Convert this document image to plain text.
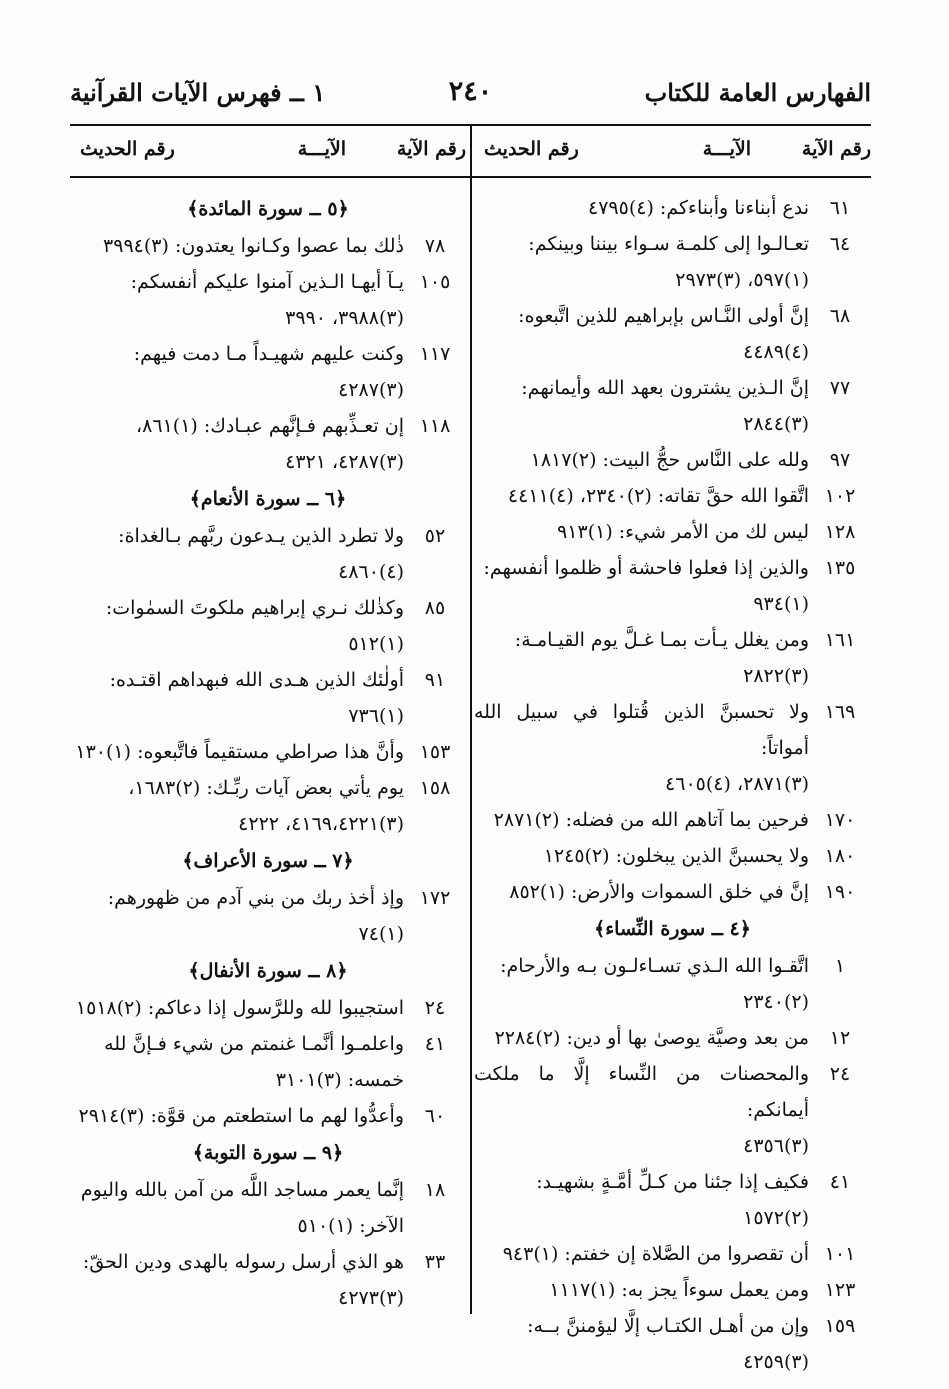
الفهارس العامة للكتاب
٢٤٠
١ ــ فهرس الآيات القرآنية
رقم الآية
الآيـــة
رقم الحديث
٦١
ندع أبناءنا وأبناءكم: (٤)٤٧٩٥
٦٤
تعـالـوا إلى كلمـة سـواء بيننا وبينكم:
(١)٥٩٧، (٣)٢٩٧٣
٦٨
إنَّ أولى النَّـاس بإبراهيم للذين اتَّبعوه:
(٤)٤٤٨٩
٧٧
إنَّ الـذين يشترون بعهد الله وأيمانهم:
(٣)٢٨٤٤
٩٧
ولله على النَّاس حجُّ البيت: (٢)١٨١٧
١٠٢
اتَّقوا الله حقَّ تقاته: (٢)٢٣٤٠، (٤)٤٤١١
١٢٨
ليس لك من الأمر شيء: (١)٩١٣
١٣٥
والذين إذا فعلوا فاحشة أو ظلموا أنفسهم:
(١)٩٣٤
١٦١
ومن يغلل يـأت بمـا غـلَّ يوم القيـامـة:
(٣)٢٨٢٢
١٦٩
ولا تحسبنَّ الذين قُتلوا في سبيل الله أمواتاً:
(٣)٢٨٧١، (٤)٤٦٠٥
١٧٠
فرحين بما آتاهم الله من فضله: (٢)٢٨٧١
١٨٠
ولا يحسبنَّ الذين يبخلون: (٢)١٢٤٥
١٩٠
إنَّ في خلق السموات والأرض: (١)٨٥٢
﴿٤ ــ سورة النِّساء﴾
١
اتَّقـوا الله الـذي تسـاءلـون بـه والأرحام:
(٢)٢٣٤٠
١٢
من بعد وصيَّة يوصىٰ بها أو دين: (٢)٢٢٨٤
٢٤
والمحصنات من النِّساء إلَّا ما ملكت أيمانكم:
(٣)٤٣٥٦
٤١
فكيف إذا جئنا من كـلِّ أمَّـةٍ بشهيـد:
(٢)١٥٧٢
١٠١
أن تقصروا من الصَّلاة إن خفتم: (١)٩٤٣
١٢٣
ومن يعمل سوءاً يجز به: (١)١١١٧
١٥٩
وإن من أهـل الكتـاب إلَّا ليؤمننَّ بــه:
(٣)٤٢٥٩
رقم الآية
الآيـــة
رقم الحديث
﴿٥ ــ سورة المائدة﴾
٧٨
ذٰلك بما عصوا وكـانوا يعتدون: (٣)٣٩٩٤
١٠٥
يـآ أيهـا الـذين آمنوا عليكم أنفسكم:
(٣)٣٩٨٨، ٣٩٩٠
١١٧
وكنت عليهم شهيـداً مـا دمت فيهم:
(٣)٤٢٨٧
١١٨
إن تعـذِّبهم فـإنَّهم عبـادك: (١)٨٦١،
(٣)٤٢٨٧، ٤٣٢١
﴿٦ ــ سورة الأنعام﴾
٥٢
ولا تطرد الذين يـدعون ربَّهم بـالغداة:
(٤)٤٨٦٠
٨٥
وكذٰلك نـري إبراهيم ملكوتَ السمٰوات:
(١)٥١٢
٩١
أولٰئك الذين هـدى الله فبهداهم اقتـده:
(١)٧٣٦
١٥٣
وأنَّ هذا صراطي مستقيماً فاتَّبعوه: (١)١٣٠
١٥٨
يوم يأتي بعض آيات ربِّـك: (٢)١٦٨٣،
(٣)٤١٦٩،٤٢٢١، ٤٢٢٢
﴿٧ ــ سورة الأعراف﴾
١٧٢
وإذ أخذ ربك من بني آدم من ظهورهم:
(١)٧٤
﴿٨ ــ سورة الأنفال﴾
٢٤
استجيبوا لله وللرَّسول إذا دعاكم: (٢)١٥١٨
٤١
واعلمـوا أنَّمـا غنمتم من شيء فـإنَّ لله
خمسه: (٣)٣١٠١
٦٠
وأعدُّوا لهم ما استطعتم من قوَّة: (٣)٢٩١٤
﴿٩ ــ سورة التوبة﴾
١٨
إنَّما يعمر مساجد اللَّه من آمن بالله واليوم
الآخر: (١)٥١٠
٣٣
هو الذي أرسل رسوله بالهدى ودين الحقّ:
(٣)٤٢٧٣
